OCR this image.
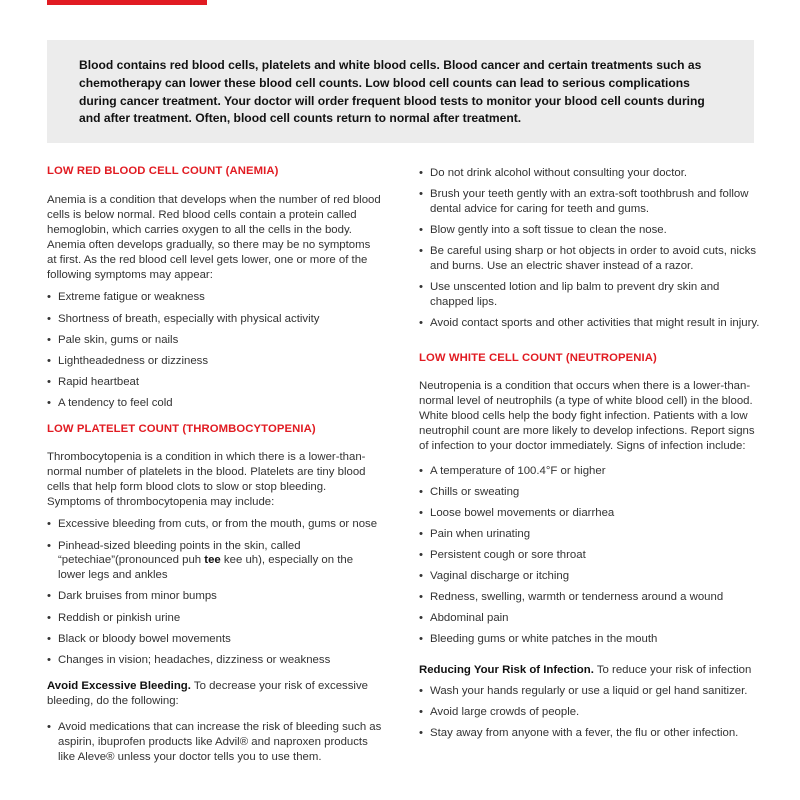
Blood contains red blood cells, platelets and white blood cells. Blood cancer and certain treatments such as chemotherapy can lower these blood cell counts. Low blood cell counts can lead to serious complications during cancer treatment. Your doctor will order frequent blood tests to monitor your blood cell counts during and after treatment. Often, blood cell counts return to normal after treatment.

LOW RED BLOOD CELL COUNT (ANEMIA)

Anemia is a condition that develops when the number of red blood cells is below normal. Red blood cells contain a protein called hemoglobin, which carries oxygen to all the cells in the body. Anemia often develops gradually, so there may be no symptoms at first. As the red blood cell level gets lower, one or more of the following symptoms may appear:

• Extreme fatigue or weakness
• Shortness of breath, especially with physical activity
• Pale skin, gums or nails
• Lightheadedness or dizziness
• Rapid heartbeat
• A tendency to feel cold
LOW PLATELET COUNT (THROMBOCYTOPENIA)

Thrombocytopenia is a condition in which there is a lower-than-normal number of platelets in the blood. Platelets are tiny blood cells that help form blood clots to slow or stop bleeding. Symptoms of thrombocytopenia may include:

• Excessive bleeding from cuts, or from the mouth, gums or nose
• Pinhead-sized bleeding points in the skin, called “petechiae”(pronounced puh tee kee uh), especially on the lower legs and ankles
• Dark bruises from minor bumps
• Reddish or pinkish urine
• Black or bloody bowel movements
• Changes in vision; headaches, dizziness or weakness

Avoid Excessive Bleeding. To decrease your risk of excessive bleeding, do the following:

• Avoid medications that can increase the risk of bleeding such as aspirin, ibuprofen products like Advil® and naproxen products like Aleve® unless your doctor tells you to use them.
• Do not drink alcohol without consulting your doctor.
• Brush your teeth gently with an extra-soft toothbrush and follow dental advice for caring for teeth and gums.
• Blow gently into a soft tissue to clean the nose.
• Be careful using sharp or hot objects in order to avoid cuts, nicks and burns. Use an electric shaver instead of a razor.
• Use unscented lotion and lip balm to prevent dry skin and chapped lips.
• Avoid contact sports and other activities that might result in injury.
LOW WHITE CELL COUNT (NEUTROPENIA)

Neutropenia is a condition that occurs when there is a lower-than-normal level of neutrophils (a type of white blood cell) in the blood. White blood cells help the body fight infection. Patients with a low neutrophil count are more likely to develop infections. Report signs of infection to your doctor immediately. Signs of infection include:

• A temperature of 100.4°F or higher
• Chills or sweating
• Loose bowel movements or diarrhea
• Pain when urinating
• Persistent cough or sore throat
• Vaginal discharge or itching
• Redness, swelling, warmth or tenderness around a wound
• Abdominal pain
• Bleeding gums or white patches in the mouth

Reducing Your Risk of Infection. To reduce your risk of infection

• Wash your hands regularly or use a liquid or gel hand sanitizer.
• Avoid large crowds of people.
• Stay away from anyone with a fever, the flu or other infection.
